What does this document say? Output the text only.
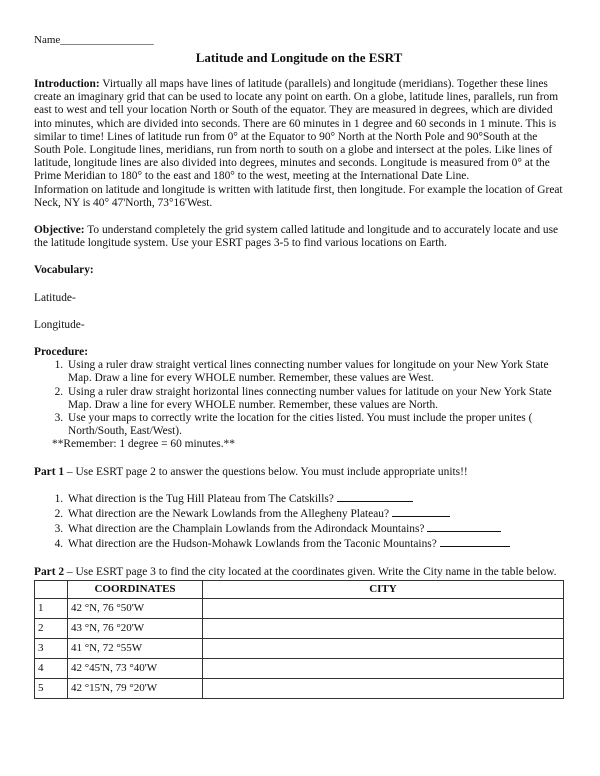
Name_________________
Latitude and Longitude on the ESRT

Introduction: Virtually all maps have lines of latitude (parallels) and longitude (meridians). Together these lines create an imaginary grid that can be used to locate any point on earth. On a globe, latitude lines, parallels, run from east to west and tell your location North or South of the equator. They are measured in degrees, which are divided into minutes, which are divided into seconds. There are 60 minutes in 1 degree and 60 seconds in 1 minute. This is similar to time! Lines of latitude run from 0° at the Equator to 90° North at the North Pole and 90°South at the South Pole. Longitude lines, meridians, run from north to south on a globe and intersect at the poles. Like lines of latitude, longitude lines are also divided into degrees, minutes and seconds. Longitude is measured from 0° at the Prime Meridian to 180° to the east and 180° to the west, meeting at the International Date Line.

Information on latitude and longitude is written with latitude first, then longitude. For example the location of Great Neck, NY is 40° 47'North, 73°16'West.

Objective: To understand completely the grid system called latitude and longitude and to accurately locate and use the latitude longitude system. Use your ESRT pages 3-5 to find various locations on Earth.

Vocabulary:

Latitude-

Longitude-

Procedure:

1. Using a ruler draw straight vertical lines connecting number values for longitude on your New York State Map. Draw a line for every WHOLE number. Remember, these values are West.
2. Using a ruler draw straight horizontal lines connecting number values for latitude on your New York State Map. Draw a line for every WHOLE number. Remember, these values are North.
3. Use your maps to correctly write the location for the cities listed. You must include the proper unites ( North/South, East/West).

**Remember: 1 degree = 60 minutes.**

Part 1 – Use ESRT page 2 to answer the questions below. You must include appropriate units!!

1. What direction is the Tug Hill Plateau from The Catskills?
2. What direction are the Newark Lowlands from the Allegheny Plateau?
3. What direction are the Champlain Lowlands from the Adirondack Mountains?
4. What direction are the Hudson-Mohawk Lowlands from the Taconic Mountains?

Part 2 – Use ESRT page 3 to find the city located at the coordinates given. Write the City name in the table below.

	COORDINATES	CITY
1	42 °N, 76 °50'W	
2	43 °N, 76 °20'W	
3	41 °N, 72 °55W	
4	42 °45'N, 73 °40'W	
5	42 °15'N, 79 °20'W	
